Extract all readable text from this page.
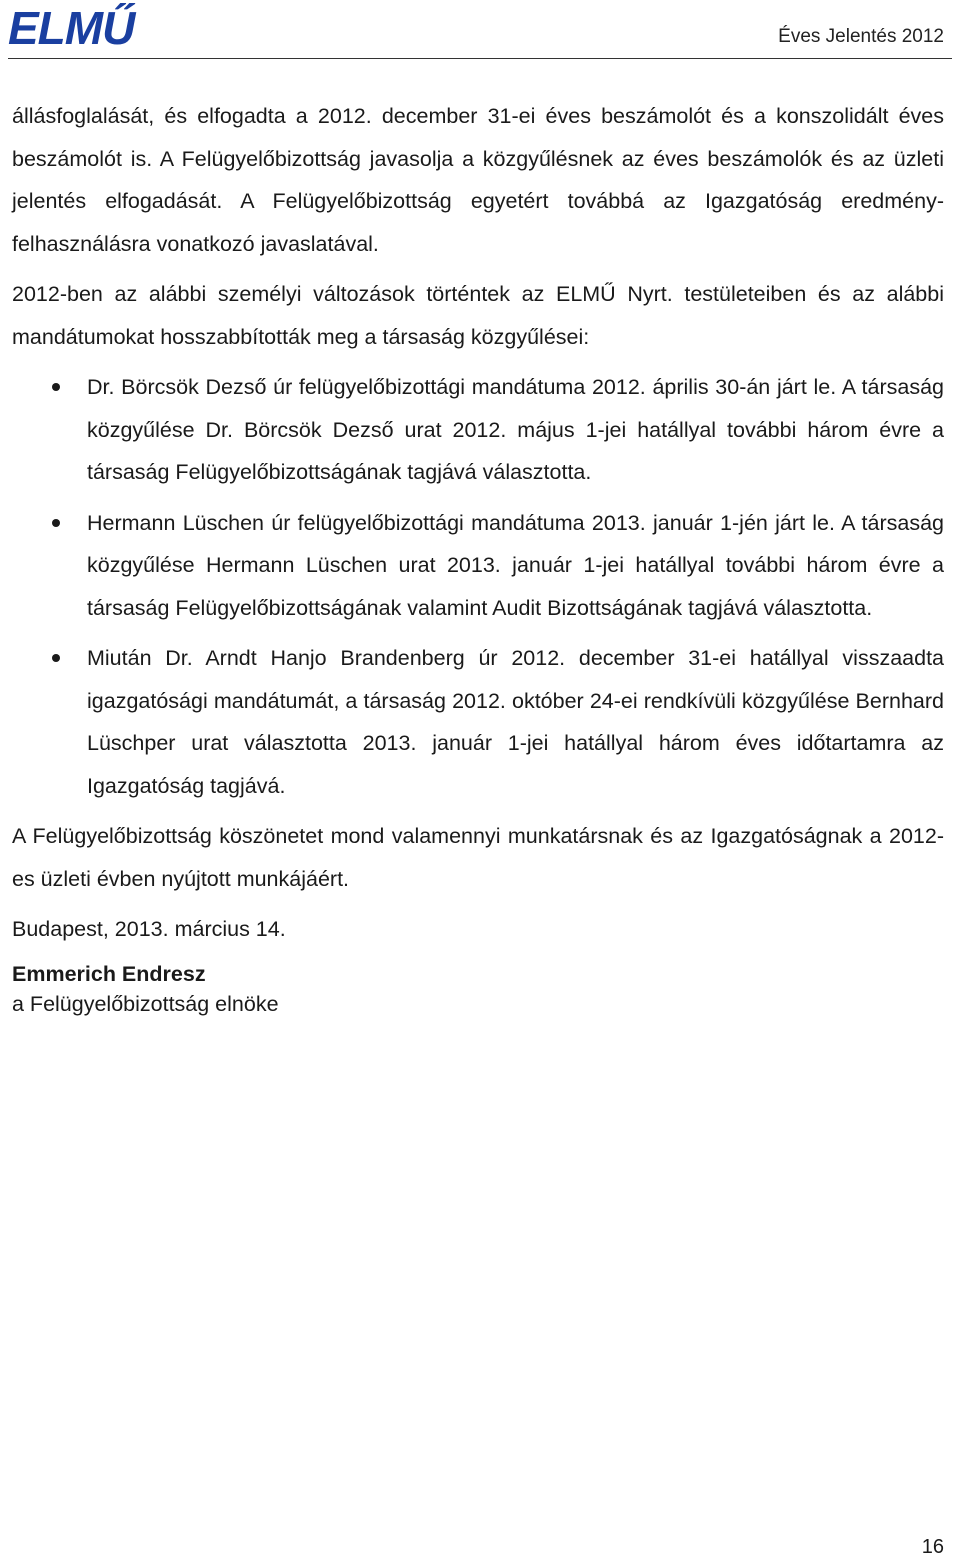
ELMŰ	Éves Jelentés 2012

állásfoglalását, és elfogadta a 2012. december 31-ei éves beszámolót és a konszolidált éves beszámolót is. A Felügyelőbizottság javasolja a közgyűlésnek az éves beszámolók és az üzleti jelentés elfogadását. A Felügyelőbizottság egyetért továbbá az Igazgatóság eredmény-felhasználásra vonatkozó javaslatával.

2012-ben az alábbi személyi változások történtek az ELMŰ Nyrt. testületeiben és az alábbi mandátumokat hosszabbították meg a társaság közgyűlései:

Dr. Börcsök Dezső úr felügyelőbizottági mandátuma 2012. április 30-án járt le. A társaság közgyűlése Dr. Börcsök Dezső urat 2012. május 1-jei hatállyal további három évre a társaság Felügyelőbizottságának tagjává választotta.
Hermann Lüschen úr felügyelőbizottági mandátuma 2013. január 1-jén járt le. A társaság közgyűlése Hermann Lüschen urat 2013. január 1-jei hatállyal további három évre a társaság Felügyelőbizottságának valamint Audit Bizottságának tagjává választotta.
Miután Dr. Arndt Hanjo Brandenberg úr 2012. december 31-ei hatállyal visszaadta igazgatósági mandátumát, a társaság 2012. október 24-ei rendkívüli közgyűlése Bernhard Lüschper urat választotta 2013. január 1-jei hatállyal három éves időtartamra az Igazgatóság tagjává.

A Felügyelőbizottság köszönetet mond valamennyi munkatársnak és az Igazgatóságnak a 2012-es üzleti évben nyújtott munkájáért.

Budapest, 2013. március 14.

Emmerich Endresz
a Felügyelőbizottság elnöke
16
